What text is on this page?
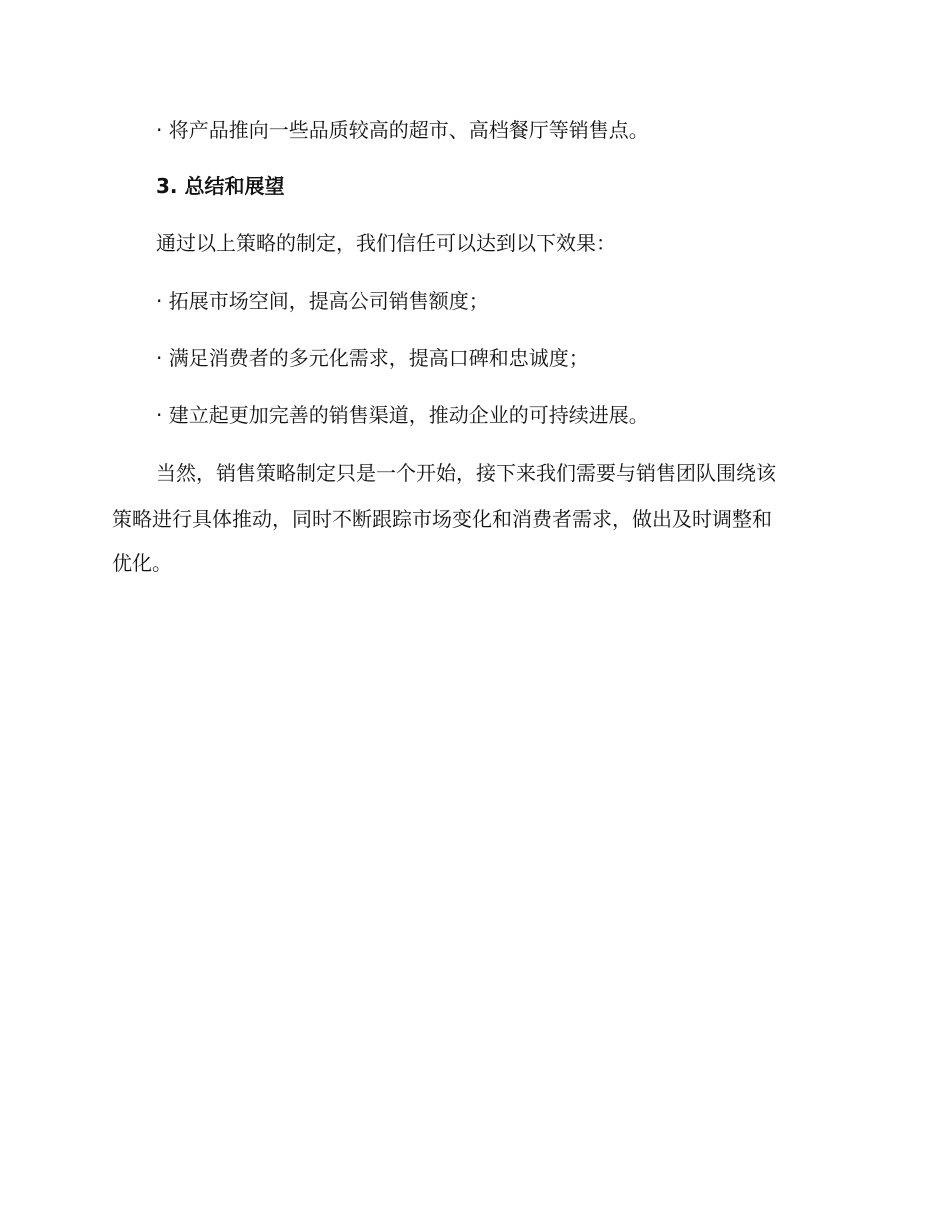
· 将产品推向一些品质较高的超市、高档餐厅等销售点。
3. 总结和展望
通过以上策略的制定，我们信任可以达到以下效果：
· 拓展市场空间，提高公司销售额度；
· 满足消费者的多元化需求，提高口碑和忠诚度；
· 建立起更加完善的销售渠道，推动企业的可持续进展。
当然，销售策略制定只是一个开始，接下来我们需要与销售团队围绕该
策略进行具体推动，同时不断跟踪市场变化和消费者需求，做出及时调整和
优化。
